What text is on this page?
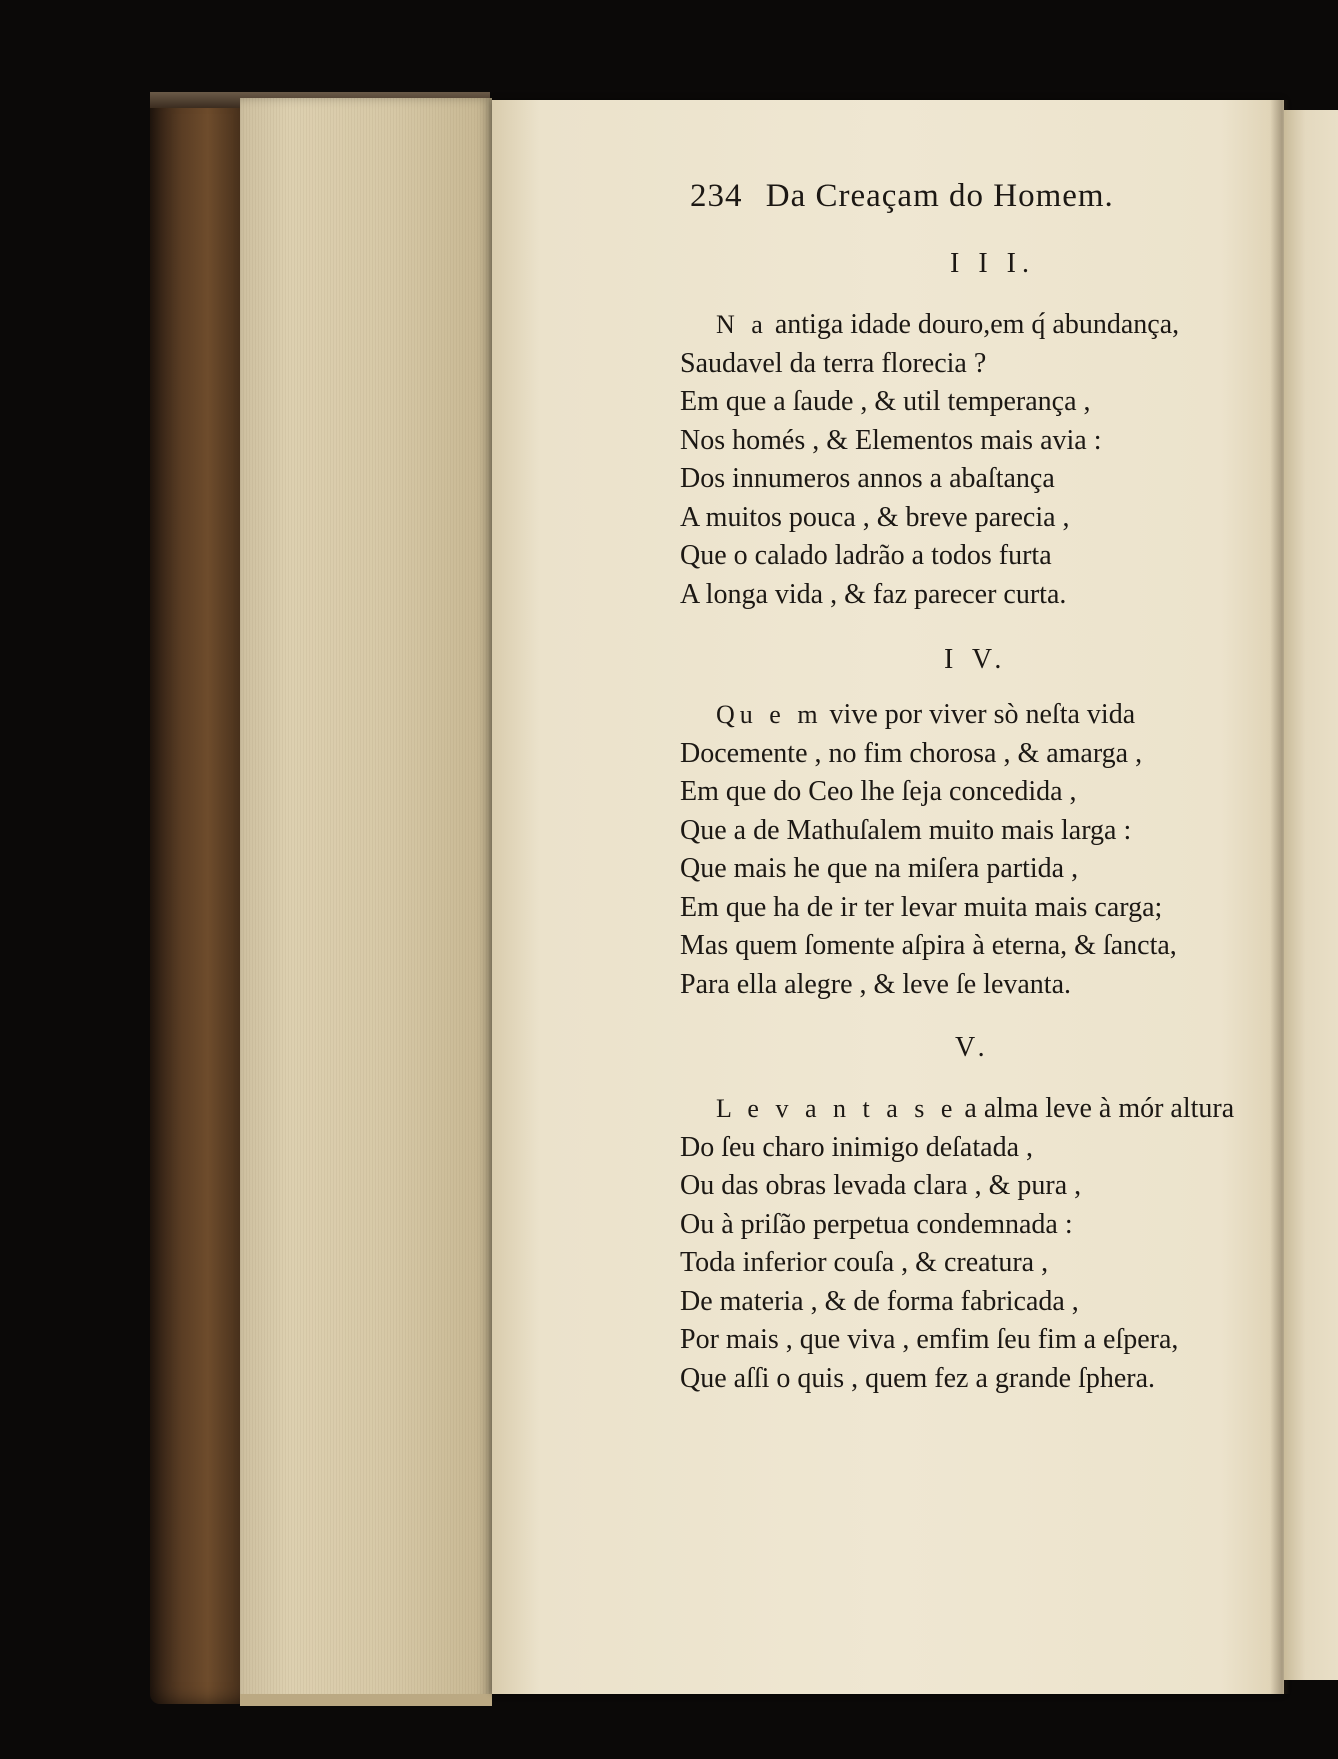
234 Da Creaçam do Homem.
I I I.
N a antiga idade douro,em q́ abundança,
Saudavel da terra florecia ?
Em que a ſaude , & util temperança ,
Nos homés , & Elementos mais avia :
Dos innumeros annos a abaſtança
A muitos pouca , & breve parecia ,
Que o calado ladrão a todos furta
A longa vida , & faz parecer curta.
I V.
Qu e m vive por viver sò neſta vida
Docemente , no fim chorosa , & amarga ,
Em que do Ceo lhe ſeja concedida ,
Que a de Mathuſalem muito mais larga :
Que mais he que na miſera partida ,
Em que ha de ir ter levar muita mais carga;
Mas quem ſomente aſpira à eterna, & ſancta,
Para ella alegre , & leve ſe levanta.
V.
L e v a n t a s e a alma leve à mór altura
Do ſeu charo inimigo deſatada ,
Ou das obras levada clara , & pura ,
Ou à priſão perpetua condemnada :
Toda inferior couſa , & creatura ,
De materia , & de forma fabricada ,
Por mais , que viva , emfim ſeu fim a eſpera,
Que aſſi o quis , quem fez a grande ſphera.
